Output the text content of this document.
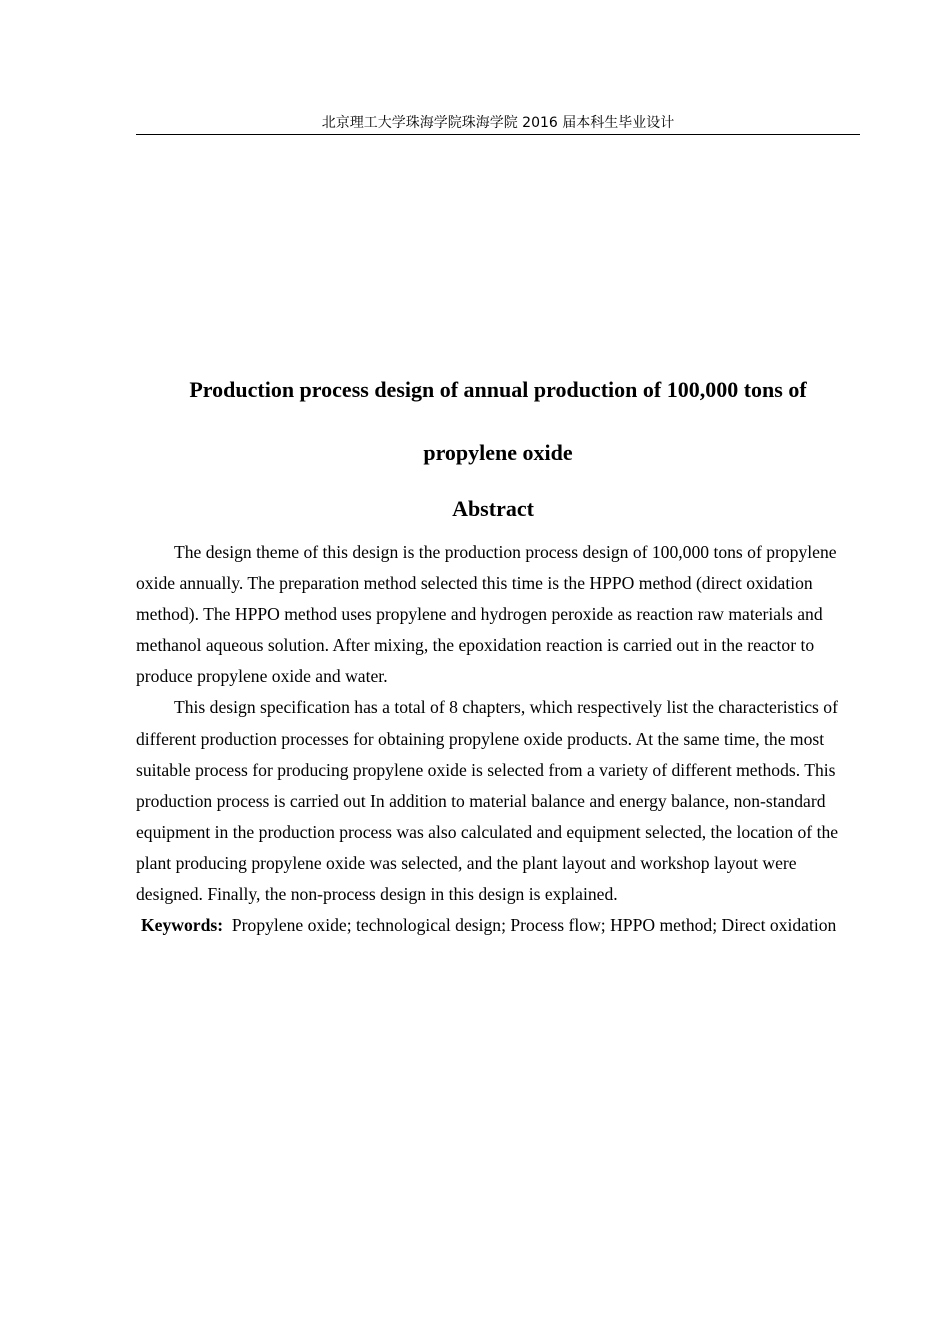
北京理工大学珠海学院珠海学院 2016 届本科生毕业设计
Production process design of annual production of 100,000 tons of
propylene oxide
Abstract

The design theme of this design is the production process design of 100,000 tons of propylene oxide annually. The preparation method selected this time is the HPPO method (direct oxidation method). The HPPO method uses propylene and hydrogen peroxide as reaction raw materials and methanol aqueous solution. After mixing, the epoxidation reaction is carried out in the reactor to produce propylene oxide and water.

This design specification has a total of 8 chapters, which respectively list the characteristics of different production processes for obtaining propylene oxide products. At the same time, the most suitable process for producing propylene oxide is selected from a variety of different methods. This production process is carried out In addition to material balance and energy balance, non-standard equipment in the production process was also calculated and equipment selected, the location of the plant producing propylene oxide was selected, and the plant layout and workshop layout were designed. Finally, the non-process design in this design is explained.

Keywords: Propylene oxide; technological design; Process flow; HPPO method; Direct oxidation
